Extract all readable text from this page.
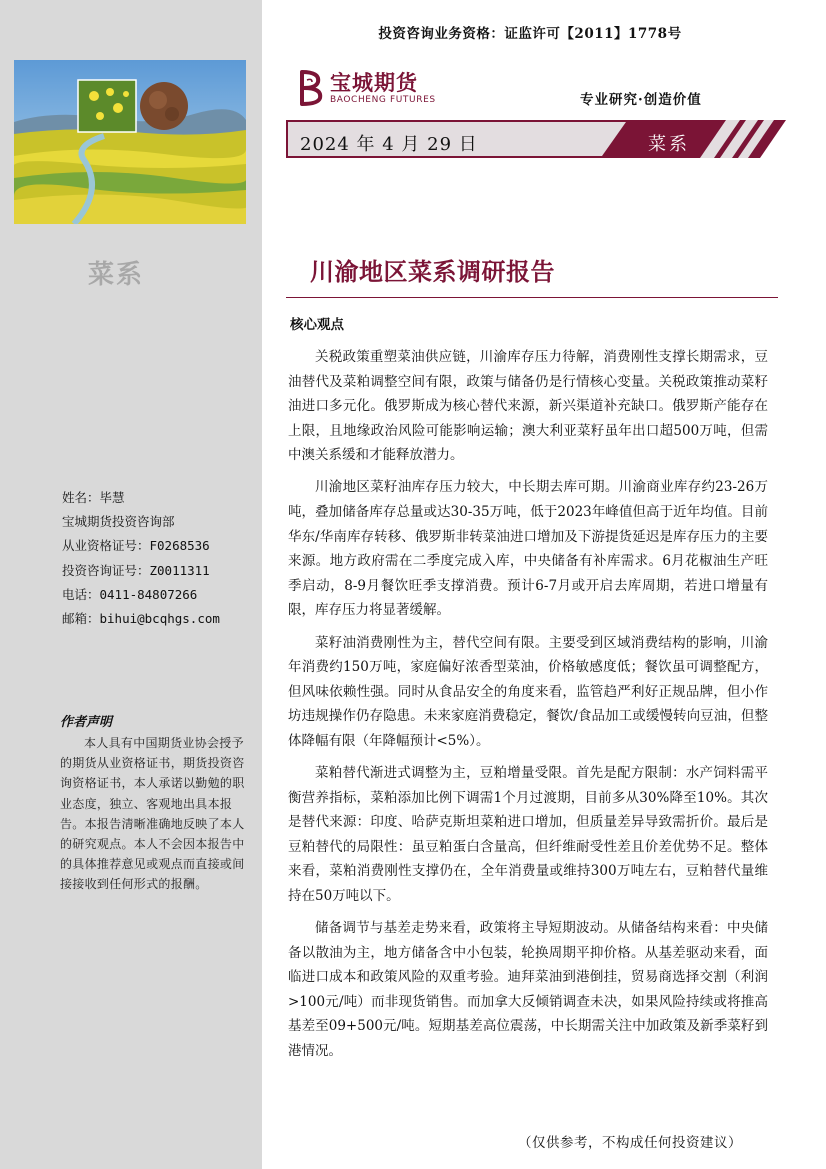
投资咨询业务资格：证监许可【2011】1778号
菜系
姓名：毕慧
宝城期货投资咨询部
从业资格证号：F0268536
投资咨询证号：Z0011311
电话：0411-84807266
邮箱：bihui@bcqhgs.com
作者声明
本人具有中国期货业协会授予的期货从业资格证书，期货投资咨询资格证书，本人承诺以勤勉的职业态度，独立、客观地出具本报告。本报告清晰准确地反映了本人的研究观点。本人不会因本报告中的具体推荐意见或观点而直接或间接接收到任何形式的报酬。
宝城期货
BAOCHENG FUTURES	专业研究·创造价值
2024 年 4 月 29 日	菜系
川渝地区菜系调研报告
核心观点

关税政策重塑菜油供应链，川渝库存压力待解，消费刚性支撑长期需求，豆油替代及菜粕调整空间有限，政策与储备仍是行情核心变量。关税政策推动菜籽油进口多元化。俄罗斯成为核心替代来源，新兴渠道补充缺口。俄罗斯产能存在上限，且地缘政治风险可能影响运输；澳大利亚菜籽虽年出口超500万吨，但需中澳关系缓和才能释放潜力。

川渝地区菜籽油库存压力较大，中长期去库可期。川渝商业库存约23-26万吨，叠加储备库存总量或达30-35万吨，低于2023年峰值但高于近年均值。目前华东/华南库存转移、俄罗斯非转菜油进口增加及下游提货延迟是库存压力的主要来源。地方政府需在二季度完成入库，中央储备有补库需求。6月花椒油生产旺季启动，8-9月餐饮旺季支撑消费。预计6-7月或开启去库周期，若进口增量有限，库存压力将显著缓解。

菜籽油消费刚性为主，替代空间有限。主要受到区域消费结构的影响，川渝年消费约150万吨，家庭偏好浓香型菜油，价格敏感度低；餐饮虽可调整配方，但风味依赖性强。同时从食品安全的角度来看，监管趋严利好正规品牌，但小作坊违规操作仍存隐患。未来家庭消费稳定，餐饮/食品加工或缓慢转向豆油，但整体降幅有限（年降幅预计<5%）。

菜粕替代渐进式调整为主，豆粕增量受限。首先是配方限制：水产饲料需平衡营养指标，菜粕添加比例下调需1个月过渡期，目前多从30%降至10%。其次是替代来源：印度、哈萨克斯坦菜粕进口增加，但质量差异导致需折价。最后是豆粕替代的局限性：虽豆粕蛋白含量高，但纤维耐受性差且价差优势不足。整体来看，菜粕消费刚性支撑仍在，全年消费量或维持300万吨左右，豆粕替代量维持在50万吨以下。

储备调节与基差走势来看，政策将主导短期波动。从储备结构来看：中央储备以散油为主，地方储备含中小包装，轮换周期平抑价格。从基差驱动来看，面临进口成本和政策风险的双重考验。迪拜菜油到港倒挂，贸易商选择交割（利润>100元/吨）而非现货销售。而加拿大反倾销调查未决，如果风险持续或将推高基差至09+500元/吨。短期基差高位震荡，中长期需关注中加政策及新季菜籽到港情况。

（仅供参考，不构成任何投资建议）
